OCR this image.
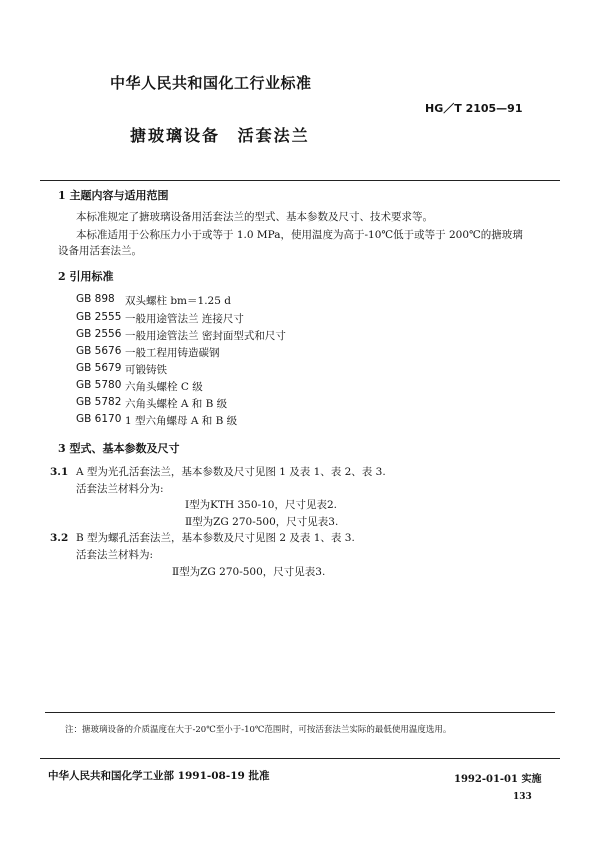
中华人民共和国化工行业标准
HG／T 2105—91
搪玻璃设备 活套法兰
1 主题内容与适用范围
本标准规定了搪玻璃设备用活套法兰的型式、基本参数及尺寸、技术要求等。
本标准适用于公称压力小于或等于 1.0 MPa，使用温度为高于-10℃低于或等于 200℃的搪玻璃
设备用活套法兰。
2 引用标准
GB 898 双头螺柱 bm＝1.25 d
GB 2555 一般用途管法兰 连接尺寸
GB 2556 一般用途管法兰 密封面型式和尺寸
GB 5676 一般工程用铸造碳钢
GB 5679 可锻铸铁
GB 5780 六角头螺栓 C 级
GB 5782 六角头螺栓 A 和 B 级
GB 6170 1 型六角螺母 A 和 B 级
3 型式、基本参数及尺寸
3.1 A 型为光孔活套法兰，基本参数及尺寸见图 1 及表 1、表 2、表 3.
活套法兰材料分为:
Ⅰ型为KTH 350-10，尺寸见表2.
Ⅱ型为ZG 270-500，尺寸见表3.
3.2 B 型为螺孔活套法兰，基本参数及尺寸见图 2 及表 1、表 3.
活套法兰材料为:
Ⅱ型为ZG 270-500，尺寸见表3.
注：搪玻璃设备的介质温度在大于-20℃至小于-10℃范围时，可按活套法兰实际的最低使用温度选用。
中华人民共和国化学工业部 1991-08-19 批准	1992-01-01 实施
133
